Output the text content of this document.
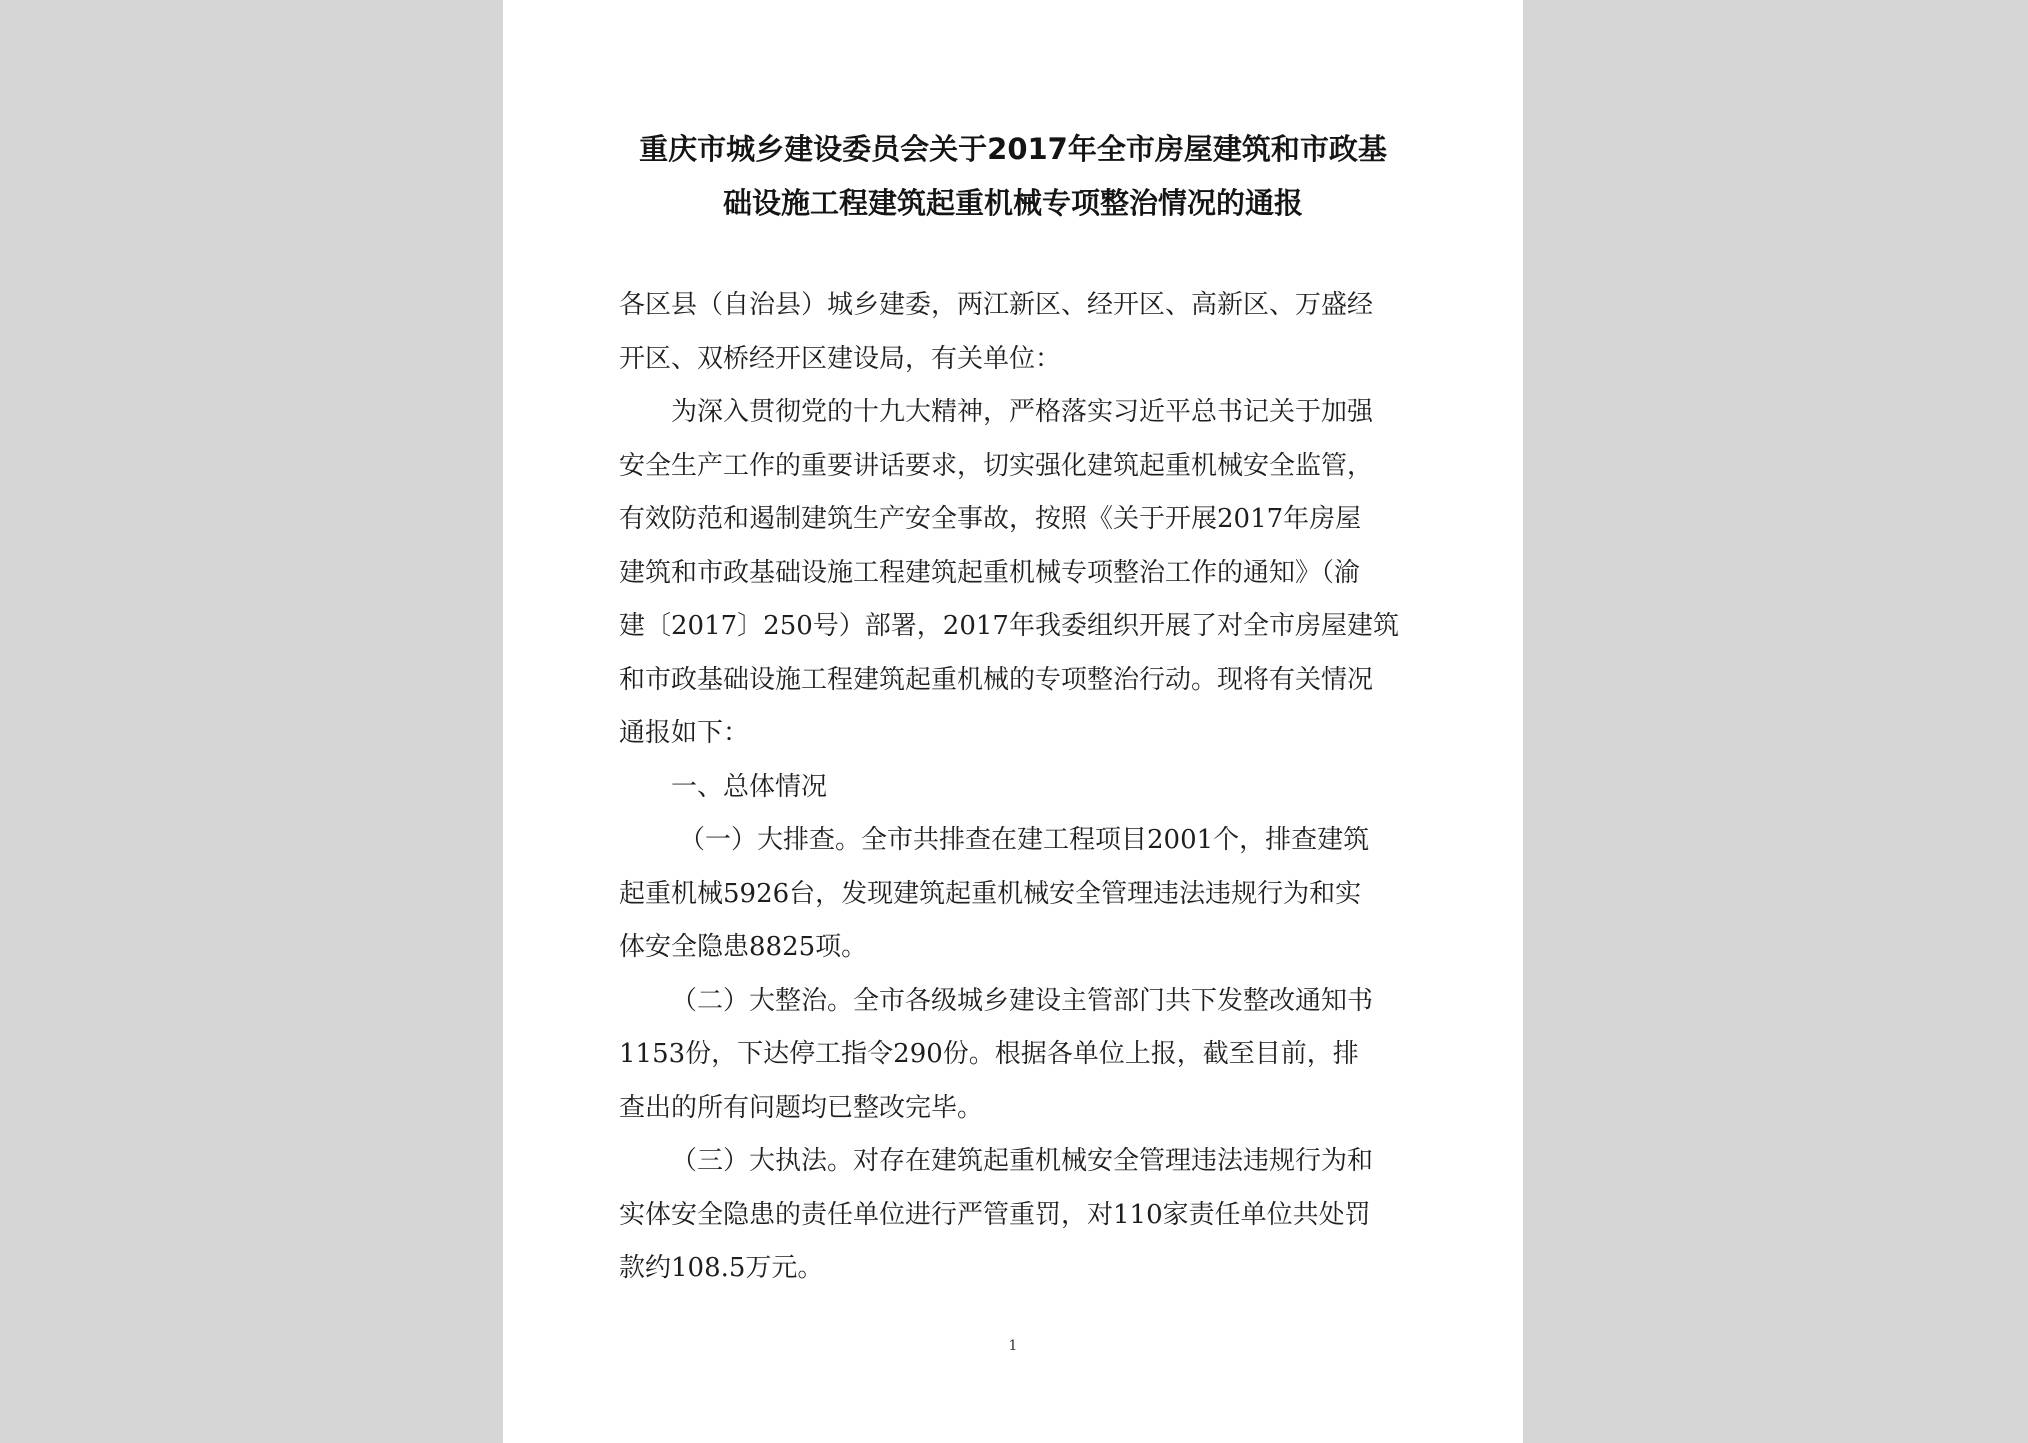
重庆市城乡建设委员会关于2017年全市房屋建筑和市政基
础设施工程建筑起重机械专项整治情况的通报
各区县（自治县）城乡建委，两江新区、经开区、高新区、万盛经
开区、双桥经开区建设局，有关单位：
为深入贯彻党的十九大精神，严格落实习近平总书记关于加强
安全生产工作的重要讲话要求，切实强化建筑起重机械安全监管，
有效防范和遏制建筑生产安全事故，按照《关于开展2017年房屋
建筑和市政基础设施工程建筑起重机械专项整治工作的通知》（渝
建〔2017〕250号）部署，2017年我委组织开展了对全市房屋建筑
和市政基础设施工程建筑起重机械的专项整治行动。现将有关情况
通报如下：
一、总体情况
（一）大排查。全市共排查在建工程项目2001个，排查建筑
起重机械5926台，发现建筑起重机械安全管理违法违规行为和实
体安全隐患8825项。
（二）大整治。全市各级城乡建设主管部门共下发整改通知书
1153份，下达停工指令290份。根据各单位上报，截至目前，排
查出的所有问题均已整改完毕。
（三）大执法。对存在建筑起重机械安全管理违法违规行为和
实体安全隐患的责任单位进行严管重罚，对110家责任单位共处罚
款约108.5万元。
1
